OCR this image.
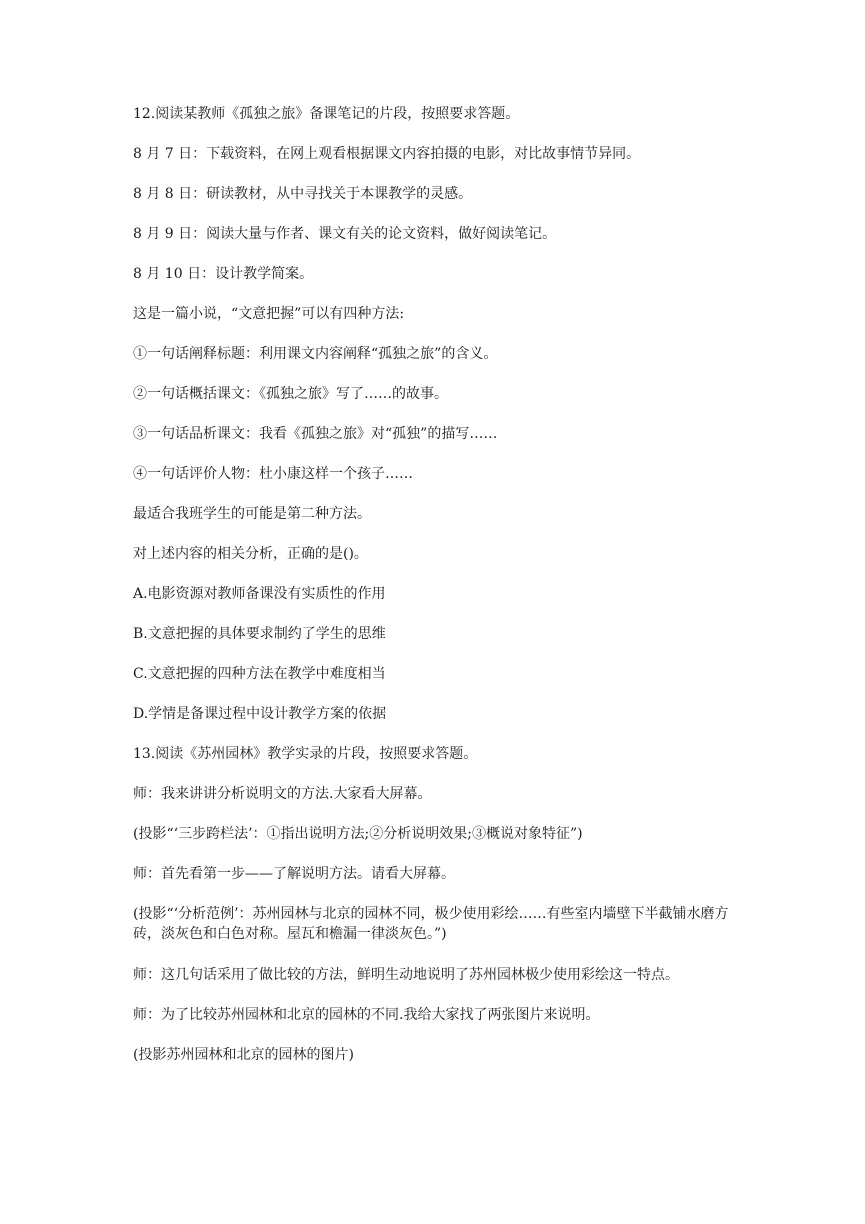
12.阅读某教师《孤独之旅》备课笔记的片段，按照要求答题。

8 月 7 日：下载资料，在网上观看根据课文内容拍摄的电影，对比故事情节异同。

8 月 8 日：研读教材，从中寻找关于本课教学的灵感。

8 月 9 日：阅读大量与作者、课文有关的论文资料，做好阅读笔记。

8 月 10 日：设计教学简案。

这是一篇小说，“文意把握”可以有四种方法:

①一句话阐释标题：利用课文内容阐释“孤独之旅”的含义。

②一句话概括课文：《孤独之旅》写了……的故事。

③一句话品析课文：我看《孤独之旅》对“孤独”的描写……

④一句话评价人物：杜小康这样一个孩子……

最适合我班学生的可能是第二种方法。

对上述内容的相关分析，正确的是()。

A.电影资源对教师备课没有实质性的作用

B.文意把握的具体要求制约了学生的思维

C.文意把握的四种方法在教学中难度相当

D.学情是备课过程中设计教学方案的依据

13.阅读《苏州园林》教学实录的片段，按照要求答题。

师：我来讲讲分析说明文的方法.大家看大屏幕。

(投影“‘三步跨栏法’：①指出说明方法;②分析说明效果;③概说对象特征”)

师：首先看第一步——了解说明方法。请看大屏幕。

(投影“‘分析范例’：苏州园林与北京的园林不同，极少使用彩绘……有些室内墙壁下半截铺水磨方砖，淡灰色和白色对称。屋瓦和檐漏一律淡灰色。”)

师：这几句话采用了做比较的方法，鲜明生动地说明了苏州园林极少使用彩绘这一特点。

师：为了比较苏州园林和北京的园林的不同.我给大家找了两张图片来说明。

(投影苏州园林和北京的园林的图片)
